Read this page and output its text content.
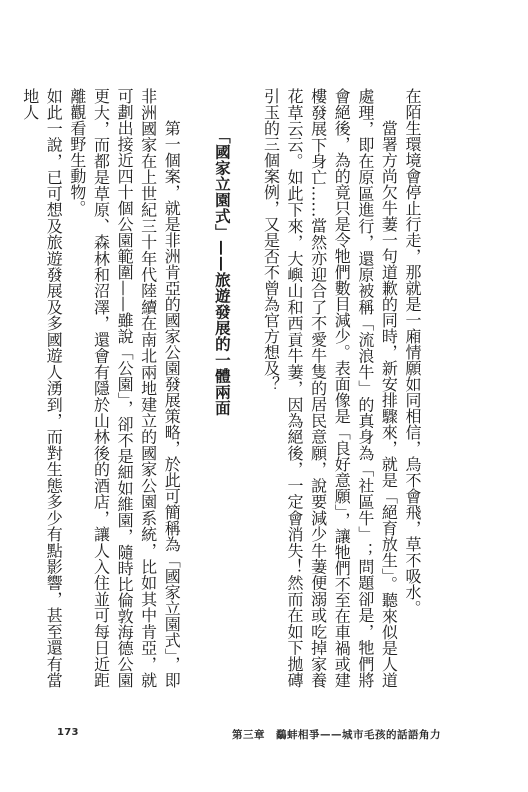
在陌生環境會停止行走，那就是一廂情願如同相信，烏不會飛，草不吸水。

當署方尚欠牛萋一句道歉的同時，新安排驟來，就是「絕育放生」。聽來似是人道處理，即在原區進行，還原被稱「流浪牛」的真身為「社區牛」；問題卻是，牠們將會絕後，為的竟只是令牠們數目減少。表面像是「良好意願」，讓牠們不至在車禍或建樓發展下身亡……當然亦迎合了不愛牛隻的居民意願，說要減少牛萋便溺或吃掉家養花草云云。如此下來，大嶼山和西貢牛萋，因為絕後，一定會消失！然而在如下拋磚引玉的三個案例，又是否不曾為官方想及？

「國家立園式」——旅遊發展的一體兩面

第一個案，就是非洲肯亞的國家公園發展策略，於此可簡稱為「國家立園式」，即非洲國家在上世紀三十年代陸續在南北兩地建立的國家公園系統，比如其中肯亞，就可劃出接近四十個公園範圍——雖說「公園」，卻不是細如維園，隨時比倫敦海德公園更大，而都是草原、森林和沼澤，還會有隱於山林後的酒店，讓人入住並可每日近距離觀看野生動物。

如此一說，已可想及旅遊發展及多國遊人湧到，而對生態多少有點影響，甚至還有當地人

173	第三章　鷸蚌相爭——城市毛孩的話語角力
